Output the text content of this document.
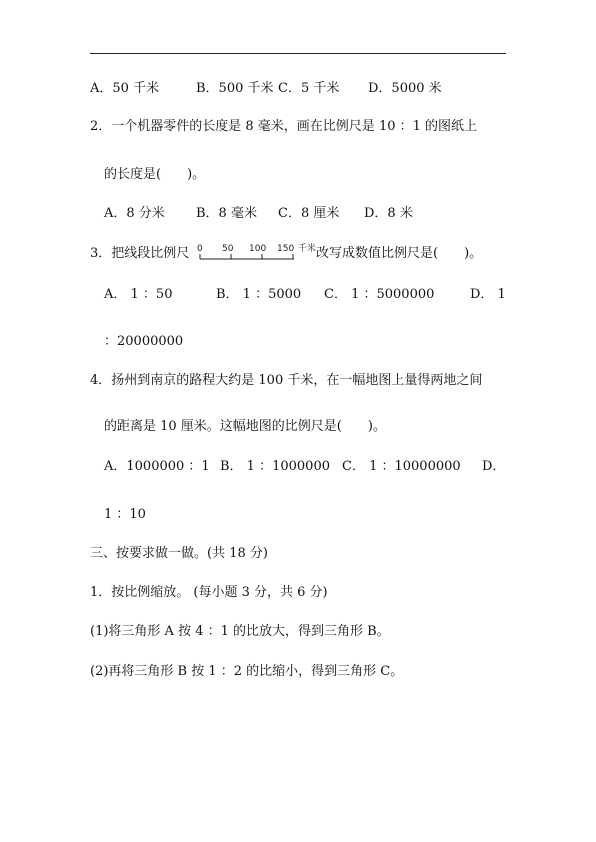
A．50 千米	B．500 千米 C．5 千米 D．5000 米
2．一个机器零件的长度是 8 毫米，画在比例尺是 10 ：1 的图纸上
的长度是(　　)。
A．8 分米 B．8 毫米 C．8 厘米 D．8 米
3．把线段比例尺 0 50 100 150 千米 改写成数值比例尺是(　　)。
A． 1 ：50	B． 1 ：5000 C． 1 ：5000000	D． 1
：20000000
4．扬州到南京的路程大约是 100 千米，在一幅地图上量得两地之间
的距离是 10 厘米。这幅地图的比例尺是(　　)。
A．1000000 ：1 B． 1 ：1000000 C． 1 ：10000000 D．
1 ：10
三、按要求做一做。(共 18 分)
1．按比例缩放。 (每小题 3 分，共 6 分)
(1)将三角形 A 按 4 ：1 的比放大，得到三角形 B。
(2)再将三角形 B 按 1 ：2 的比缩小，得到三角形 C。
